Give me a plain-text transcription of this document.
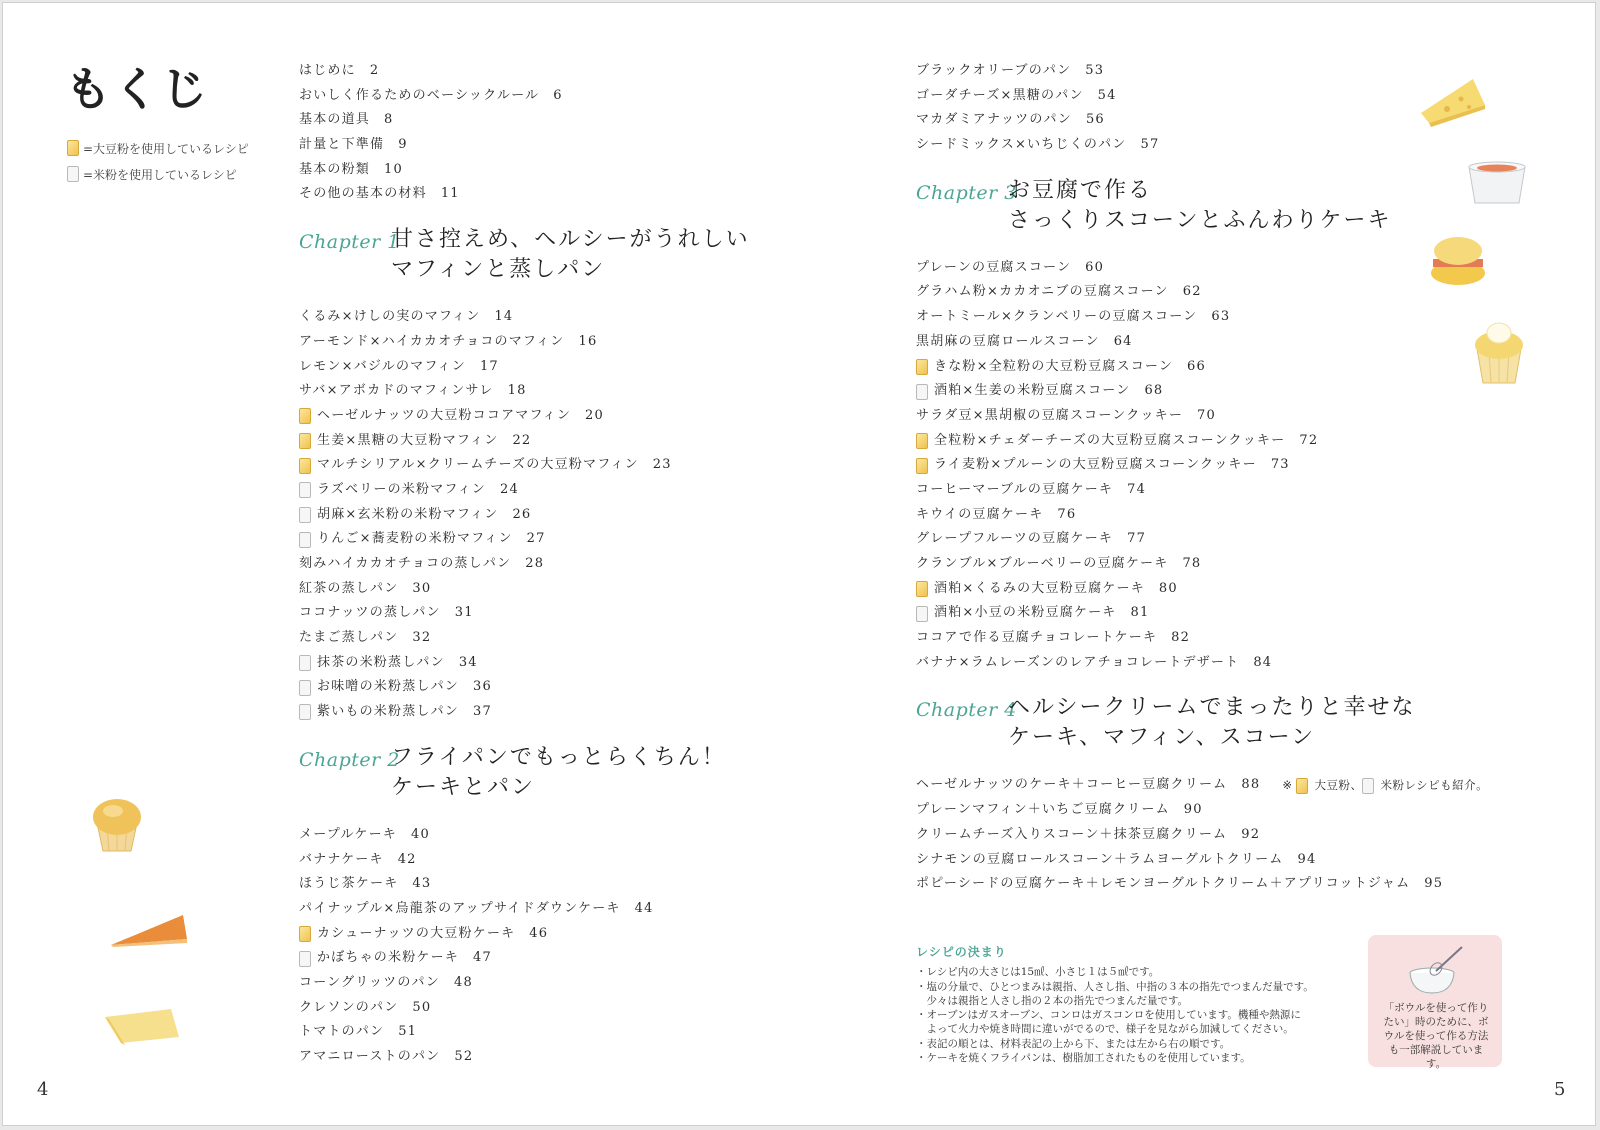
もくじ
=大豆粉を使用しているレシピ
=米粉を使用しているレシピ
はじめに 2
おいしく作るためのベーシックルール 6
基本の道具 8
計量と下準備 9
基本の粉類 10
その他の基本の材料 11
Chapter 1
甘さ控えめ、ヘルシーがうれしい
マフィンと蒸しパン
くるみ×けしの実のマフィン 14
アーモンド×ハイカカオチョコのマフィン 16
レモン×バジルのマフィン 17
サバ×アボカドのマフィンサレ 18
ヘーゼルナッツの大豆粉ココアマフィン 20
生姜×黒糖の大豆粉マフィン 22
マルチシリアル×クリームチーズの大豆粉マフィン 23
ラズベリーの米粉マフィン 24
胡麻×玄米粉の米粉マフィン 26
りんご×蕎麦粉の米粉マフィン 27
刻みハイカカオチョコの蒸しパン 28
紅茶の蒸しパン 30
ココナッツの蒸しパン 31
たまご蒸しパン 32
抹茶の米粉蒸しパン 34
お味噌の米粉蒸しパン 36
紫いもの米粉蒸しパン 37
Chapter 2
フライパンでもっとらくちん！
ケーキとパン
メープルケーキ 40
バナナケーキ 42
ほうじ茶ケーキ 43
パイナップル×烏龍茶のアップサイドダウンケーキ 44
カシューナッツの大豆粉ケーキ 46
かぼちゃの米粉ケーキ 47
コーングリッツのパン 48
クレソンのパン 50
トマトのパン 51
アマニローストのパン 52
ブラックオリーブのパン 53
ゴーダチーズ×黒糖のパン 54
マカダミアナッツのパン 56
シードミックス×いちじくのパン 57
Chapter 3
お豆腐で作る
さっくりスコーンとふんわりケーキ
プレーンの豆腐スコーン 60
グラハム粉×カカオニブの豆腐スコーン 62
オートミール×クランベリーの豆腐スコーン 63
黒胡麻の豆腐ロールスコーン 64
きな粉×全粒粉の大豆粉豆腐スコーン 66
酒粕×生姜の米粉豆腐スコーン 68
サラダ豆×黒胡椒の豆腐スコーンクッキー 70
全粒粉×チェダーチーズの大豆粉豆腐スコーンクッキー 72
ライ麦粉×プルーンの大豆粉豆腐スコーンクッキー 73
コーヒーマーブルの豆腐ケーキ 74
キウイの豆腐ケーキ 76
グレープフルーツの豆腐ケーキ 77
クランブル×ブルーベリーの豆腐ケーキ 78
酒粕×くるみの大豆粉豆腐ケーキ 80
酒粕×小豆の米粉豆腐ケーキ 81
ココアで作る豆腐チョコレートケーキ 82
バナナ×ラムレーズンのレアチョコレートデザート 84
Chapter 4
ヘルシークリームでまったりと幸せな
ケーキ、マフィン、スコーン
ヘーゼルナッツのケーキ＋コーヒー豆腐クリーム 88 ※ 大豆粉、 米粉レシピも紹介。
プレーンマフィン＋いちご豆腐クリーム 90
クリームチーズ入りスコーン＋抹茶豆腐クリーム 92
シナモンの豆腐ロールスコーン＋ラムヨーグルトクリーム 94
ポピーシードの豆腐ケーキ＋レモンヨーグルトクリーム＋アプリコットジャム 95
レシピの決まり
・レシピ内の大さじは15㎖、小さじ１は５㎖です。
・塩の分量で、ひとつまみは親指、人さし指、中指の３本の指先でつまんだ量です。
　少々は親指と人さし指の２本の指先でつまんだ量です。
・オーブンはガスオーブン、コンロはガスコンロを使用しています。機種や熱源に
　よって火力や焼き時間に違いがでるので、様子を見ながら加減してください。
・表記の順とは、材料表記の上から下、または左から右の順です。
・ケーキを焼くフライパンは、樹脂加工されたものを使用しています。
「ボウルを使って作り
たい」時のために、ボ
ウルを使って作る方法
も一部解説しています。
4	5
